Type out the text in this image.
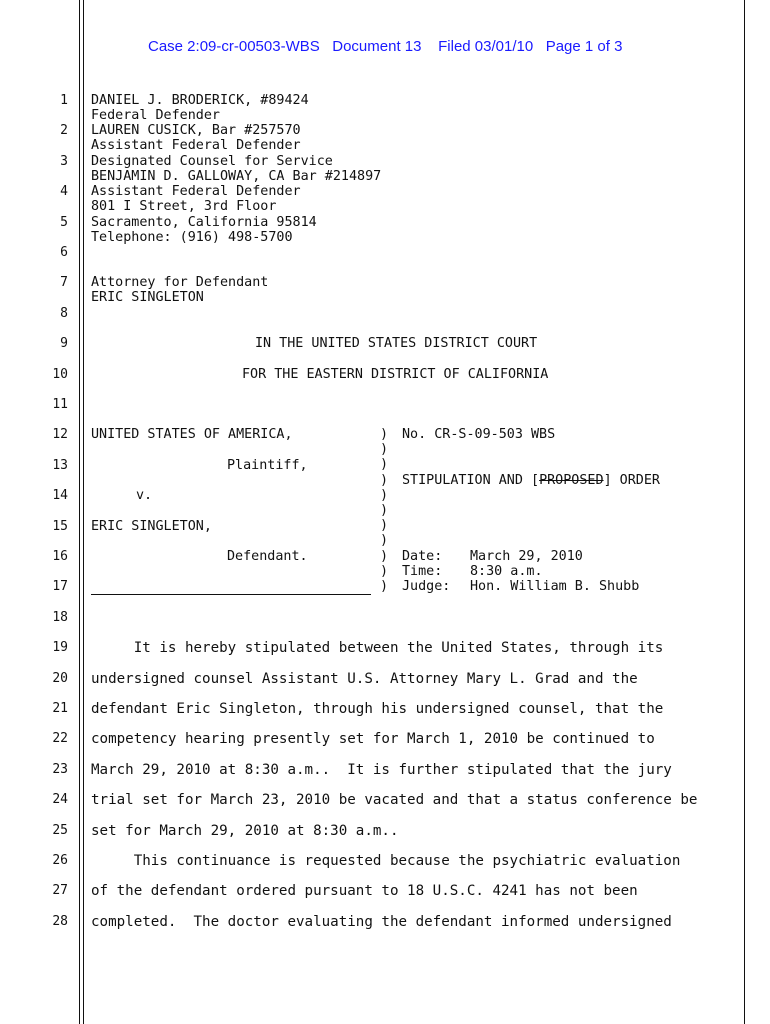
Case 2:09-cr-00503-WBS   Document 13    Filed 03/01/10   Page 1 of 3
1
2
3
4
5
6
7
8
9
10
11
12
13
14
15
16
17
18
19
20
21
22
23
24
25
26
27
28
DANIEL J. BRODERICK, #89424
Federal Defender
LAUREN CUSICK, Bar #257570
Assistant Federal Defender
Designated Counsel for Service
BENJAMIN D. GALLOWAY, CA Bar #214897
Assistant Federal Defender
801 I Street, 3rd Floor
Sacramento, California 95814
Telephone: (916) 498-5700
Attorney for Defendant
ERIC SINGLETON
IN THE UNITED STATES DISTRICT COURT
FOR THE EASTERN DISTRICT OF CALIFORNIA
UNITED STATES OF AMERICA,
Plaintiff,
v.
ERIC SINGLETON,
Defendant.
)
)
)
)
)
)
)
)
)
)
)
No. CR-S-09-503 WBS
STIPULATION AND [PROPOSED] ORDER
Date: March 29, 2010
Time: 8:30 a.m.
Judge: Hon. William B. Shubb
It is hereby stipulated between the United States, through its
undersigned counsel Assistant U.S. Attorney Mary L. Grad and the
defendant Eric Singleton, through his undersigned counsel, that the
competency hearing presently set for March 1, 2010 be continued to
March 29, 2010 at 8:30 a.m..  It is further stipulated that the jury
trial set for March 23, 2010 be vacated and that a status conference be
set for March 29, 2010 at 8:30 a.m..
This continuance is requested because the psychiatric evaluation
of the defendant ordered pursuant to 18 U.S.C. 4241 has not been
completed.  The doctor evaluating the defendant informed undersigned
